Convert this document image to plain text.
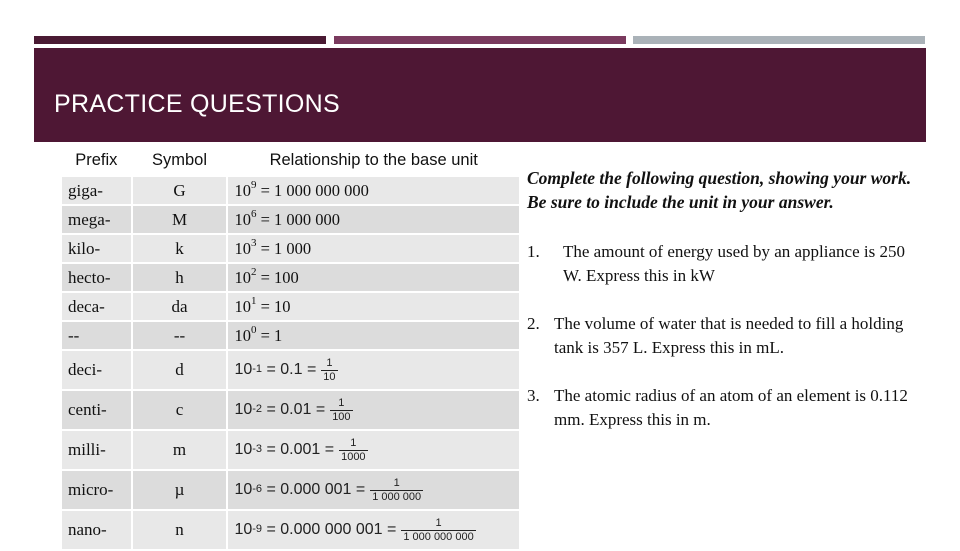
PRACTICE QUESTIONS
Prefix	Symbol	Relationship to the base unit
giga-	G	$10^9 = 1$ 000 000 000
mega-	M	$10^6 = 1$ 000 000
kilo-	k	$10^3 = 1$ 000
hecto-	h	$10^2 = 100$
deca-	da	$10^1 = 10$
--	--	$10^0 = 1$
deci-	d	$10^{-1} = 0.1 = \frac{1}{10}$

centi-	c	$10^{-2} = 0.01 = \frac{1}{100}$

milli-	m	$10^{-3} = 0.001 = \frac{1}{1000}$

micro-	µ	$10^{-6} = 0.000$ $001 = \frac{1}{1 000 000}$

nano-	n	$10^{-9} = 0.000$ 000 $001 = \frac{1}{1 000 000 000}$

Complete the following question, showing your work. Be sure to include the unit in your answer.

1.	The amount of energy used by an appliance is 250 W. Express this in kW
2. The volume of water that is needed to fill a holding tank is 357 L. Express this in mL.
3. The atomic radius of an atom of an element is 0.112 mm. Express this in m.
